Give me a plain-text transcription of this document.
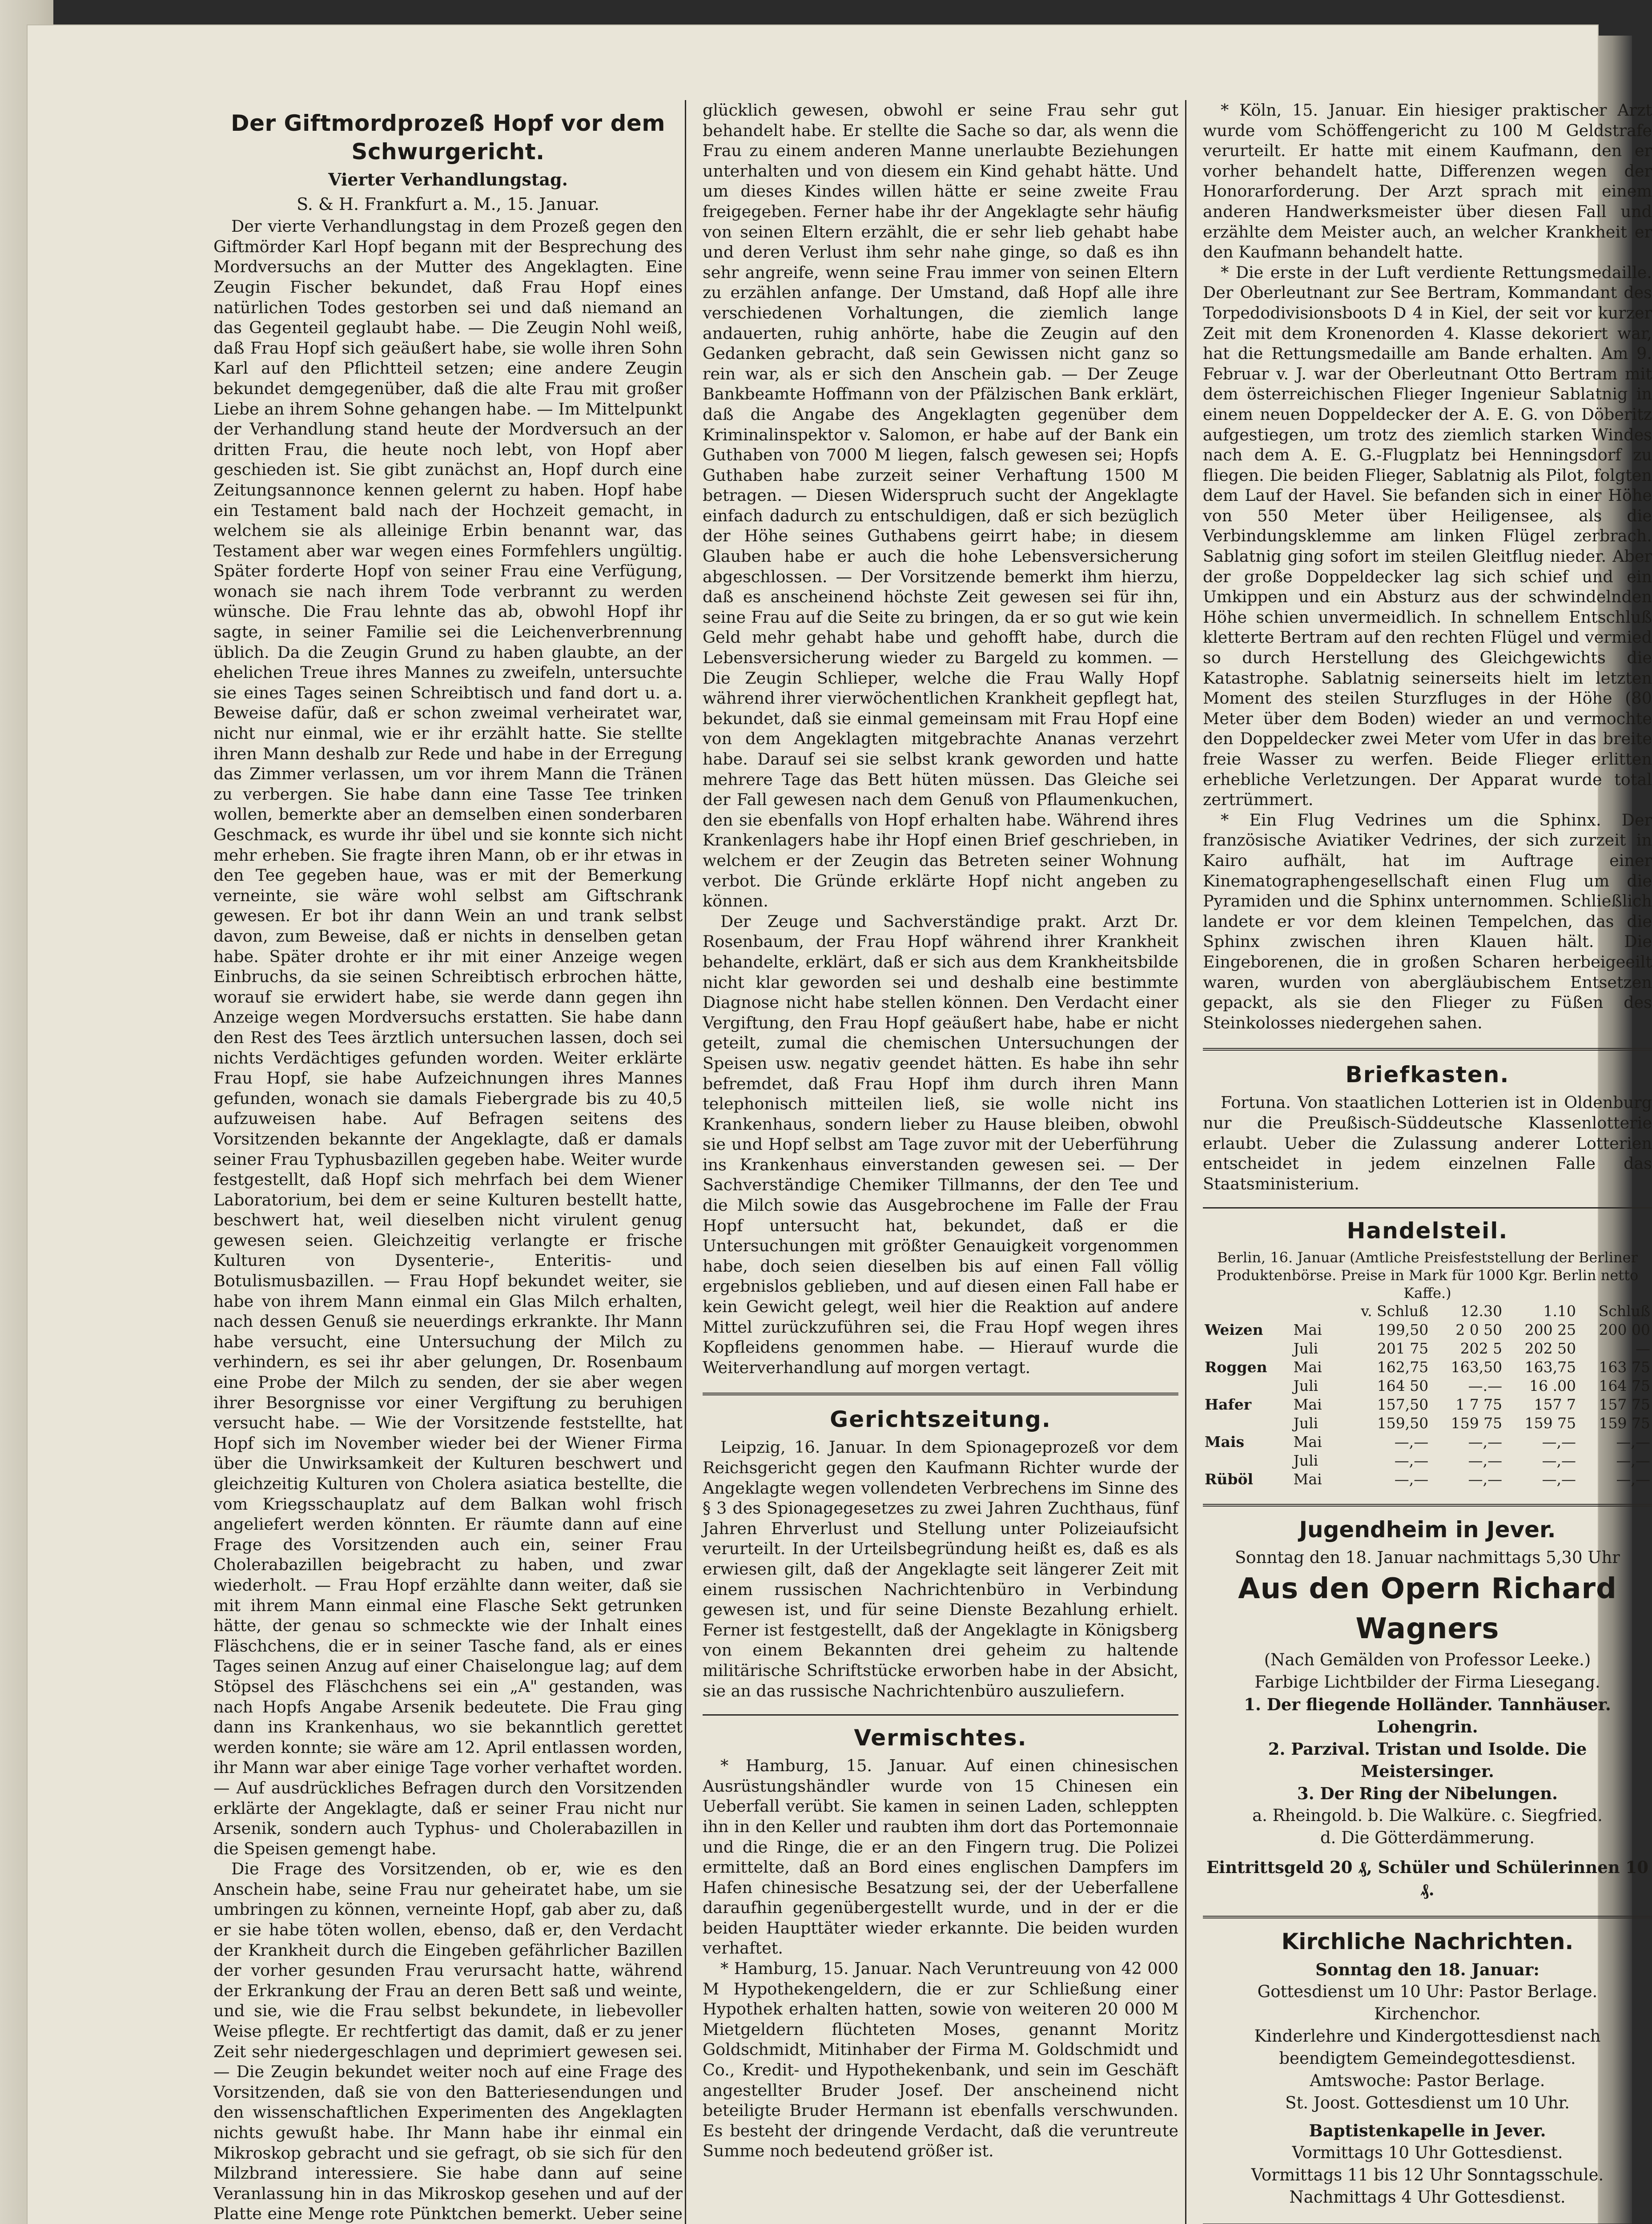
Der Giftmordprozeß Hopf vor dem Schwurgericht.
Vierter Verhandlungstag.
S. & H. Frankfurt a. M., 15. Januar.

Der vierte Verhandlungstag in dem Prozeß gegen den Giftmörder Karl Hopf begann mit der Besprechung des Mordversuchs an der Mutter des Angeklagten. Eine Zeugin Fischer bekundet, daß Frau Hopf eines natürlichen Todes gestorben sei und daß niemand an das Gegenteil geglaubt habe. — Die Zeugin Nohl weiß, daß Frau Hopf sich geäußert habe, sie wolle ihren Sohn Karl auf den Pflichtteil setzen; eine andere Zeugin bekundet demgegenüber, daß die alte Frau mit großer Liebe an ihrem Sohne gehangen habe. — Im Mittelpunkt der Verhandlung stand heute der Mordversuch an der dritten Frau, die heute noch lebt, von Hopf aber geschieden ist. Sie gibt zunächst an, Hopf durch eine Zeitungsannonce kennen gelernt zu haben. Hopf habe ein Testament bald nach der Hochzeit gemacht, in welchem sie als alleinige Erbin benannt war, das Testament aber war wegen eines Formfehlers ungültig. Später forderte Hopf von seiner Frau eine Verfügung, wonach sie nach ihrem Tode verbrannt zu werden wünsche. Die Frau lehnte das ab, obwohl Hopf ihr sagte, in seiner Familie sei die Leichenverbrennung üblich. Da die Zeugin Grund zu haben glaubte, an der ehelichen Treue ihres Mannes zu zweifeln, untersuchte sie eines Tages seinen Schreibtisch und fand dort u. a. Beweise dafür, daß er schon zweimal verheiratet war, nicht nur einmal, wie er ihr erzählt hatte. Sie stellte ihren Mann deshalb zur Rede und habe in der Erregung das Zimmer verlassen, um vor ihrem Mann die Tränen zu verbergen. Sie habe dann eine Tasse Tee trinken wollen, bemerkte aber an demselben einen sonderbaren Geschmack, es wurde ihr übel und sie konnte sich nicht mehr erheben. Sie fragte ihren Mann, ob er ihr etwas in den Tee gegeben haue, was er mit der Bemerkung verneinte, sie wäre wohl selbst am Giftschrank gewesen. Er bot ihr dann Wein an und trank selbst davon, zum Beweise, daß er nichts in denselben getan habe. Später drohte er ihr mit einer Anzeige wegen Einbruchs, da sie seinen Schreibtisch erbrochen hätte, worauf sie erwidert habe, sie werde dann gegen ihn Anzeige wegen Mordversuchs erstatten. Sie habe dann den Rest des Tees ärztlich untersuchen lassen, doch sei nichts Verdächtiges gefunden worden. Weiter erklärte Frau Hopf, sie habe Aufzeichnungen ihres Mannes gefunden, wonach sie damals Fiebergrade bis zu 40,5 aufzuweisen habe. Auf Befragen seitens des Vorsitzenden bekannte der Angeklagte, daß er damals seiner Frau Typhusbazillen gegeben habe. Weiter wurde festgestellt, daß Hopf sich mehrfach bei dem Wiener Laboratorium, bei dem er seine Kulturen bestellt hatte, beschwert hat, weil dieselben nicht virulent genug gewesen seien. Gleichzeitig verlangte er frische Kulturen von Dysenterie-, Enteritis- und Botulismusbazillen. — Frau Hopf bekundet weiter, sie habe von ihrem Mann einmal ein Glas Milch erhalten, nach dessen Genuß sie neuerdings erkrankte. Ihr Mann habe versucht, eine Untersuchung der Milch zu verhindern, es sei ihr aber gelungen, Dr. Rosenbaum eine Probe der Milch zu senden, der sie aber wegen ihrer Besorgnisse vor einer Vergiftung zu beruhigen versucht habe. — Wie der Vorsitzende feststellte, hat Hopf sich im November wieder bei der Wiener Firma über die Unwirksamkeit der Kulturen beschwert und gleichzeitig Kulturen von Cholera asiatica bestellte, die vom Kriegsschauplatz auf dem Balkan wohl frisch angeliefert werden könnten. Er räumte dann auf eine Frage des Vorsitzenden auch ein, seiner Frau Cholerabazillen beigebracht zu haben, und zwar wiederholt. — Frau Hopf erzählte dann weiter, daß sie mit ihrem Mann einmal eine Flasche Sekt getrunken hätte, der genau so schmeckte wie der Inhalt eines Fläschchens, die er in seiner Tasche fand, als er eines Tages seinen Anzug auf einer Chaiselongue lag; auf dem Stöpsel des Fläschchens sei ein „A" gestanden, was nach Hopfs Angabe Arsenik bedeutete. Die Frau ging dann ins Krankenhaus, wo sie bekanntlich gerettet werden konnte; sie wäre am 12. April entlassen worden, ihr Mann war aber einige Tage vorher verhaftet worden. — Auf ausdrückliches Befragen durch den Vorsitzenden erklärte der Angeklagte, daß er seiner Frau nicht nur Arsenik, sondern auch Typhus- und Cholerabazillen in die Speisen gemengt habe.

Die Frage des Vorsitzenden, ob er, wie es den Anschein habe, seine Frau nur geheiratet habe, um sie umbringen zu können, verneinte Hopf, gab aber zu, daß er sie habe töten wollen, ebenso, daß er, den Verdacht der Krankheit durch die Eingeben gefährlicher Bazillen der vorher gesunden Frau verursacht hatte, während der Erkrankung der Frau an deren Bett saß und weinte, und sie, wie die Frau selbst bekundete, in liebevoller Weise pflegte. Er rechtfertigt das damit, daß er zu jener Zeit sehr niedergeschlagen und deprimiert gewesen sei. — Die Zeugin bekundet weiter noch auf eine Frage des Vorsitzenden, daß sie von den Batteriesendungen und den wissenschaftlichen Experimenten des Angeklagten nichts gewußt habe. Ihr Mann habe ihr einmal ein Mikroskop gebracht und sie gefragt, ob sie sich für den Milzbrand interessiere. Sie habe dann auf seine Veranlassung hin in das Mikroskop gesehen und auf der Platte eine Menge rote Pünktchen bemerkt. Ueber seine

glücklich gewesen, obwohl er seine Frau sehr gut behandelt habe. Er stellte die Sache so dar, als wenn die Frau zu einem anderen Manne unerlaubte Beziehungen unterhalten und von diesem ein Kind gehabt hätte. Und um dieses Kindes willen hätte er seine zweite Frau freigegeben. Ferner habe ihr der Angeklagte sehr häufig von seinen Eltern erzählt, die er sehr lieb gehabt habe und deren Verlust ihm sehr nahe ginge, so daß es ihn sehr angreife, wenn seine Frau immer von seinen Eltern zu erzählen anfange. Der Umstand, daß Hopf alle ihre verschiedenen Vorhaltungen, die ziemlich lange andauerten, ruhig anhörte, habe die Zeugin auf den Gedanken gebracht, daß sein Gewissen nicht ganz so rein war, als er sich den Anschein gab. — Der Zeuge Bankbeamte Hoffmann von der Pfälzischen Bank erklärt, daß die Angabe des Angeklagten gegenüber dem Kriminalinspektor v. Salomon, er habe auf der Bank ein Guthaben von 7000 M liegen, falsch gewesen sei; Hopfs Guthaben habe zurzeit seiner Verhaftung 1500 M betragen. — Diesen Widerspruch sucht der Angeklagte einfach dadurch zu entschuldigen, daß er sich bezüglich der Höhe seines Guthabens geirrt habe; in diesem Glauben habe er auch die hohe Lebensversicherung abgeschlossen. — Der Vorsitzende bemerkt ihm hierzu, daß es anscheinend höchste Zeit gewesen sei für ihn, seine Frau auf die Seite zu bringen, da er so gut wie kein Geld mehr gehabt habe und gehofft habe, durch die Lebensversicherung wieder zu Bargeld zu kommen. — Die Zeugin Schlieper, welche die Frau Wally Hopf während ihrer vierwöchentlichen Krankheit gepflegt hat, bekundet, daß sie einmal gemeinsam mit Frau Hopf eine von dem Angeklagten mitgebrachte Ananas verzehrt habe. Darauf sei sie selbst krank geworden und hatte mehrere Tage das Bett hüten müssen. Das Gleiche sei der Fall gewesen nach dem Genuß von Pflaumenkuchen, den sie ebenfalls von Hopf erhalten habe. Während ihres Krankenlagers habe ihr Hopf einen Brief geschrieben, in welchem er der Zeugin das Betreten seiner Wohnung verbot. Die Gründe erklärte Hopf nicht angeben zu können.

Der Zeuge und Sachverständige prakt. Arzt Dr. Rosenbaum, der Frau Hopf während ihrer Krankheit behandelte, erklärt, daß er sich aus dem Krankheitsbilde nicht klar geworden sei und deshalb eine bestimmte Diagnose nicht habe stellen können. Den Verdacht einer Vergiftung, den Frau Hopf geäußert habe, habe er nicht geteilt, zumal die chemischen Untersuchungen der Speisen usw. negativ geendet hätten. Es habe ihn sehr befremdet, daß Frau Hopf ihm durch ihren Mann telephonisch mitteilen ließ, sie wolle nicht ins Krankenhaus, sondern lieber zu Hause bleiben, obwohl sie und Hopf selbst am Tage zuvor mit der Ueberführung ins Krankenhaus einverstanden gewesen sei. — Der Sachverständige Chemiker Tillmanns, der den Tee und die Milch sowie das Ausgebrochene im Falle der Frau Hopf untersucht hat, bekundet, daß er die Untersuchungen mit größter Genauigkeit vorgenommen habe, doch seien dieselben bis auf einen Fall völlig ergebnislos geblieben, und auf diesen einen Fall habe er kein Gewicht gelegt, weil hier die Reaktion auf andere Mittel zurückzuführen sei, die Frau Hopf wegen ihres Kopfleidens genommen habe. — Hierauf wurde die Weiterverhandlung auf morgen vertagt.

Gerichtszeitung.

Leipzig, 16. Januar. In dem Spionageprozeß vor dem Reichsgericht gegen den Kaufmann Richter wurde der Angeklagte wegen vollendeten Verbrechens im Sinne des § 3 des Spionagegesetzes zu zwei Jahren Zuchthaus, fünf Jahren Ehrverlust und Stellung unter Polizeiaufsicht verurteilt. In der Urteilsbegründung heißt es, daß es als erwiesen gilt, daß der Angeklagte seit längerer Zeit mit einem russischen Nachrichtenbüro in Verbindung gewesen ist, und für seine Dienste Bezahlung erhielt. Ferner ist festgestellt, daß der Angeklagte in Königsberg von einem Bekannten drei geheim zu haltende militärische Schriftstücke erworben habe in der Absicht, sie an das russische Nachrichtenbüro auszuliefern.

Vermischtes.

* Hamburg, 15. Januar. Auf einen chinesischen Ausrüstungshändler wurde von 15 Chinesen ein Ueberfall verübt. Sie kamen in seinen Laden, schleppten ihn in den Keller und raubten ihm dort das Portemonnaie und die Ringe, die er an den Fingern trug. Die Polizei ermittelte, daß an Bord eines englischen Dampfers im Hafen chinesische Besatzung sei, der der Ueberfallene daraufhin gegenübergestellt wurde, und in der er die beiden Haupttäter wieder erkannte. Die beiden wurden verhaftet.

* Hamburg, 15. Januar. Nach Veruntreuung von 42 000 M Hypothekengeldern, die er zur Schließung einer Hypothek erhalten hatten, sowie von weiteren 20 000 M Mietgeldern flüchteten Moses, genannt Moritz Goldschmidt, Mitinhaber der Firma M. Goldschmidt und Co., Kredit- und Hypothekenbank, und sein im Geschäft angestellter Bruder Josef. Der anscheinend nicht beteiligte Bruder Hermann ist ebenfalls verschwunden. Es besteht der dringende Verdacht, daß die veruntreute Summe noch bedeutend größer ist.

* Köln, 15. Januar. Ein hiesiger praktischer Arzt wurde vom Schöffengericht zu 100 M Geldstrafe verurteilt. Er hatte mit einem Kaufmann, den er vorher behandelt hatte, Differenzen wegen der Honorarforderung. Der Arzt sprach mit einem anderen Handwerksmeister über diesen Fall und erzählte dem Meister auch, an welcher Krankheit er den Kaufmann behandelt hatte.

* Die erste in der Luft verdiente Rettungsmedaille. Der Oberleutnant zur See Bertram, Kommandant des Torpedodivisionsboots D 4 in Kiel, der seit vor kurzer Zeit mit dem Kronenorden 4. Klasse dekoriert war, hat die Rettungsmedaille am Bande erhalten. Am 9. Februar v. J. war der Oberleutnant Otto Bertram mit dem österreichischen Flieger Ingenieur Sablatnig in einem neuen Doppeldecker der A. E. G. von Döberitz aufgestiegen, um trotz des ziemlich starken Windes nach dem A. E. G.-Flugplatz bei Henningsdorf zu fliegen. Die beiden Flieger, Sablatnig als Pilot, folgten dem Lauf der Havel. Sie befanden sich in einer Höhe von 550 Meter über Heiligensee, als die Verbindungsklemme am linken Flügel zerbrach. Sablatnig ging sofort im steilen Gleitflug nieder. Aber der große Doppeldecker lag sich schief und ein Umkippen und ein Absturz aus der schwindelnden Höhe schien unvermeidlich. In schnellem Entschluß kletterte Bertram auf den rechten Flügel und vermied so durch Herstellung des Gleichgewichts die Katastrophe. Sablatnig seinerseits hielt im letzten Moment des steilen Sturzfluges in der Höhe (80 Meter über dem Boden) wieder an und vermochte den Doppeldecker zwei Meter vom Ufer in das breite freie Wasser zu werfen. Beide Flieger erlitten erhebliche Verletzungen. Der Apparat wurde total zertrümmert.

* Ein Flug Vedrines um die Sphinx. Der französische Aviatiker Vedrines, der sich zurzeit in Kairo aufhält, hat im Auftrage einer Kinematographengesellschaft einen Flug um die Pyramiden und die Sphinx unternommen. Schließlich landete er vor dem kleinen Tempelchen, das die Sphinx zwischen ihren Klauen hält. Die Eingeborenen, die in großen Scharen herbeigeeilt waren, wurden von abergläubischem Entsetzen gepackt, als sie den Flieger zu Füßen des Steinkolosses niedergehen sahen.

Briefkasten.

Fortuna. Von staatlichen Lotterien ist in Oldenburg nur die Preußisch-Süddeutsche Klassenlotterie erlaubt. Ueber die Zulassung anderer Lotterien entscheidet in jedem einzelnen Falle das Staatsministerium.

Handelsteil.
Berlin, 16. Januar (Amtliche Preisfeststellung der Berliner Produktenbörse. Preise in Mark für 1000 Kgr. Berlin netto Kaffe.)
		v. Schluß	12.30	1.10	Schluß
Weizen	Mai	199,50	2 0 50	200 25	200 00
	Juli	201 75	202 5	202 50	—
Roggen	Mai	162,75	163,50	163,75	163 75
	Juli	164 50	—.—	16 .00	164 75
Hafer	Mai	157,50	1 7 75	157 7	157 75
	Juli	159,50	159 75	159 75	159 75
Mais	Mai	—,—	—,—	—,—	—,—
	Juli	—,—	—,—	—,—	—,—
Rüböl	Mai	—,—	—,—	—,—	—,—
Jugendheim in Jever.
Sonntag den 18. Januar nachmittags 5,30 Uhr
Aus den Opern Richard Wagners
(Nach Gemälden von Professor Leeke.)
Farbige Lichtbilder der Firma Liesegang.
1. Der fliegende Holländer. Tannhäuser. Lohengrin.
2. Parzival. Tristan und Isolde. Die Meistersinger.
3. Der Ring der Nibelungen.
a. Rheingold. b. Die Walküre. c. Siegfried.
d. Die Götterdämmerung.
Eintrittsgeld 20 ₰, Schüler und Schülerinnen 10 ₰.
Kirchliche Nachrichten.
Sonntag den 18. Januar:
Gottesdienst um 10 Uhr: Pastor Berlage.
Kirchenchor.
Kinderlehre und Kindergottesdienst nach beendigtem Gemeindegottesdienst.
Amtswoche: Pastor Berlage.
St. Joost. Gottesdienst um 10 Uhr.
Baptistenkapelle in Jever.
Vormittags 10 Uhr Gottesdienst.
Vormittags 11 bis 12 Uhr Sonntagsschule.
Nachmittags 4 Uhr Gottesdienst.
